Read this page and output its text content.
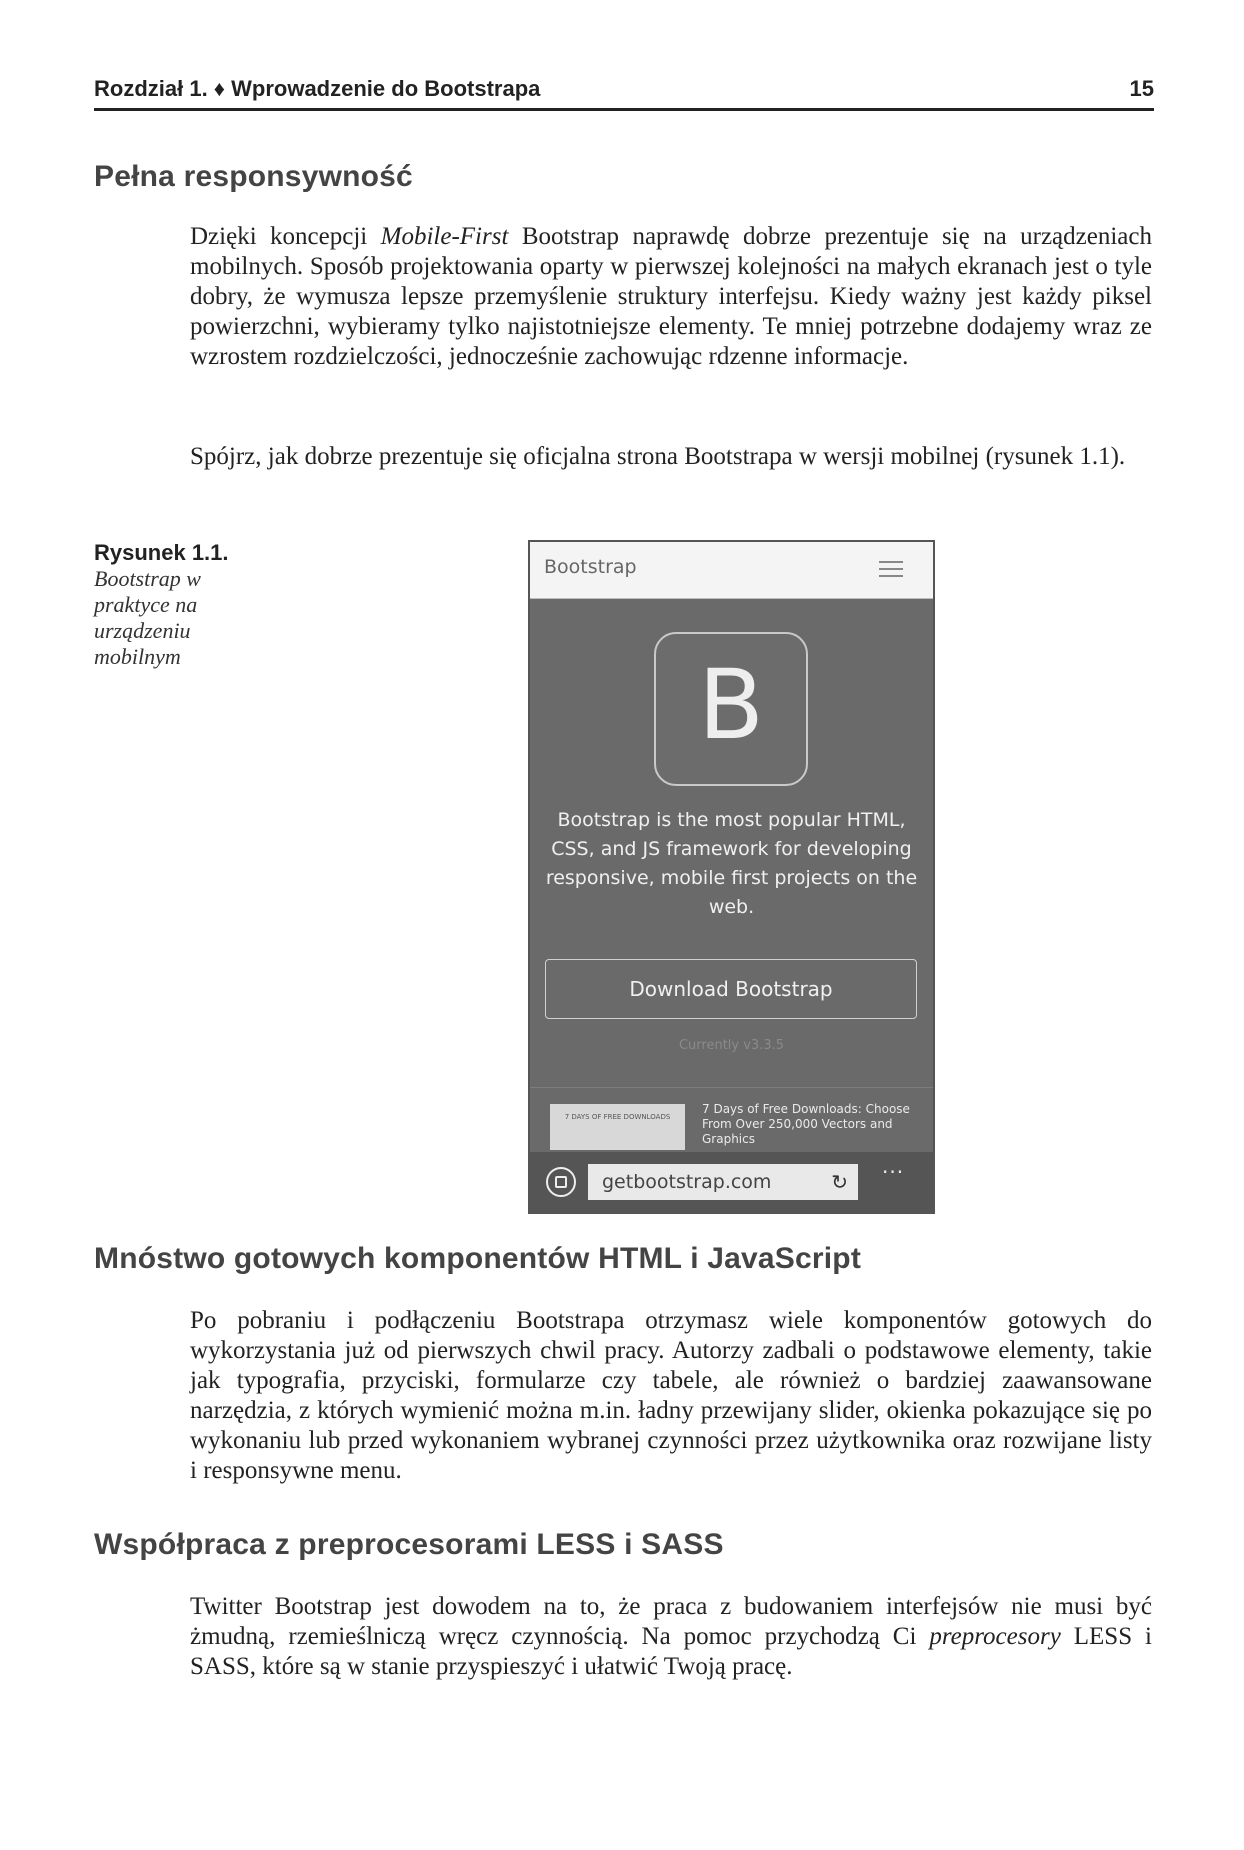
Rozdział 1. ♦ Wprowadzenie do Bootstrapa	15
Pełna responsywność

Dzięki koncepcji Mobile-First Bootstrap naprawdę dobrze prezentuje się na urządzeniach mobilnych. Sposób projektowania oparty w pierwszej kolejności na małych ekranach jest o tyle dobry, że wymusza lepsze przemyślenie struktury interfejsu. Kiedy ważny jest każdy piksel powierzchni, wybieramy tylko najistotniejsze elementy. Te mniej potrzebne dodajemy wraz ze wzrostem rozdzielczości, jednocześnie zachowując rdzenne informacje.

Spójrz, jak dobrze prezentuje się oficjalna strona Bootstrapa w wersji mobilnej (rysunek 1.1).

Rysunek 1.1.
Bootstrap w praktyce na urządzeniu mobilnym
Bootstrap
B
Bootstrap is the most popular HTML, CSS, and JS framework for developing responsive, mobile first projects on the web.
Download Bootstrap
Currently v3.3.5
7 DAYS OF FREE DOWNLOADS
7 Days of Free Downloads: Choose From Over 250,000 Vectors and Graphics
getbootstrap.com	↻
...
Mnóstwo gotowych komponentów HTML i JavaScript

Po pobraniu i podłączeniu Bootstrapa otrzymasz wiele komponentów gotowych do wykorzystania już od pierwszych chwil pracy. Autorzy zadbali o podstawowe elementy, takie jak typografia, przyciski, formularze czy tabele, ale również o bardziej zaawansowane narzędzia, z których wymienić można m.in. ładny przewijany slider, okienka pokazujące się po wykonaniu lub przed wykonaniem wybranej czynności przez użytkownika oraz rozwijane listy i responsywne menu.

Współpraca z preprocesorami LESS i SASS

Twitter Bootstrap jest dowodem na to, że praca z budowaniem interfejsów nie musi być żmudną, rzemieślniczą wręcz czynnością. Na pomoc przychodzą Ci preprocesory LESS i SASS, które są w stanie przyspieszyć i ułatwić Twoją pracę.
